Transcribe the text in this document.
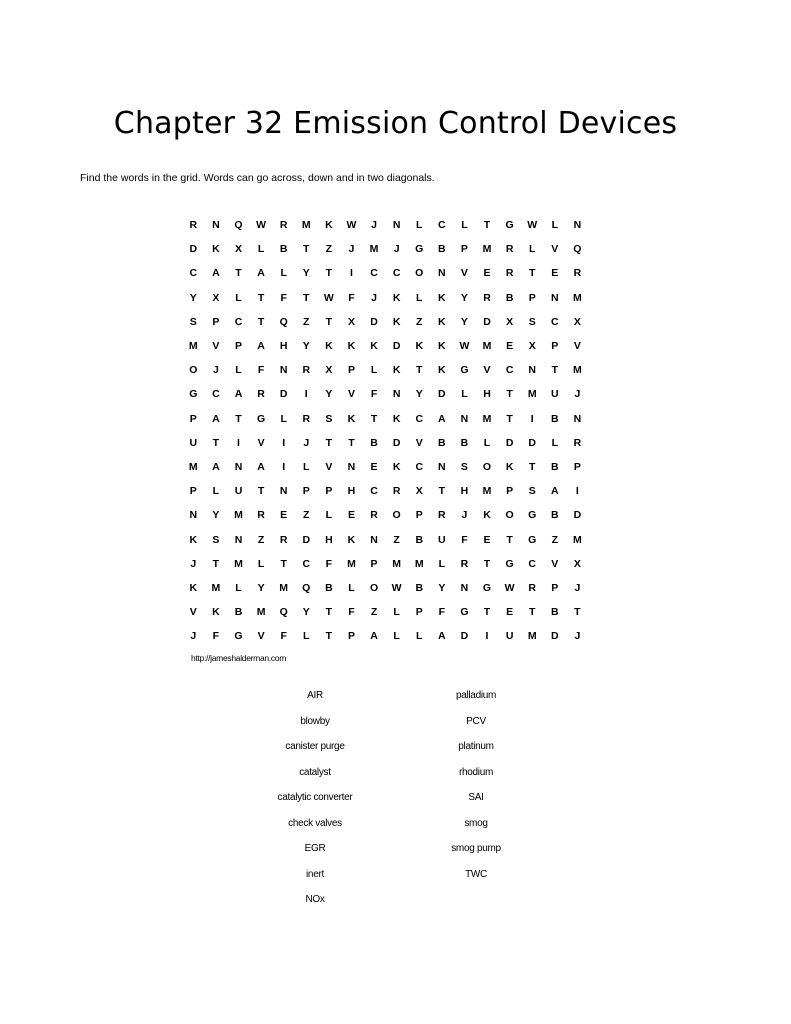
Chapter 32 Emission Control Devices

Find the words in the grid. Words can go across, down and in two diagonals.

R	N	Q	W	R	M	K	W	J	N	L	C	L	T	G	W	L	N
D	K	X	L	B	T	Z	J	M	J	G	B	P	M	R	L	V	Q
C	A	T	A	L	Y	T	I	C	C	O	N	V	E	R	T	E	R
Y	X	L	T	F	T	W	F	J	K	L	K	Y	R	B	P	N	M
S	P	C	T	Q	Z	T	X	D	K	Z	K	Y	D	X	S	C	X
M	V	P	A	H	Y	K	K	K	D	K	K	W	M	E	X	P	V
O	J	L	F	N	R	X	P	L	K	T	K	G	V	C	N	T	M
G	C	A	R	D	I	Y	V	F	N	Y	D	L	H	T	M	U	J
P	A	T	G	L	R	S	K	T	K	C	A	N	M	T	I	B	N
U	T	I	V	I	J	T	T	B	D	V	B	B	L	D	D	L	R
M	A	N	A	I	L	V	N	E	K	C	N	S	O	K	T	B	P
P	L	U	T	N	P	P	H	C	R	X	T	H	M	P	S	A	I
N	Y	M	R	E	Z	L	E	R	O	P	R	J	K	O	G	B	D
K	S	N	Z	R	D	H	K	N	Z	B	U	F	E	T	G	Z	M
J	T	M	L	T	C	F	M	P	M	M	L	R	T	G	C	V	X
K	M	L	Y	M	Q	B	L	O	W	B	Y	N	G	W	R	P	J
V	K	B	M	Q	Y	T	F	Z	L	P	F	G	T	E	T	B	T
J	F	G	V	F	L	T	P	A	L	L	A	D	I	U	M	D	J
http://jameshalderman.com
AIR
blowby
canister purge
catalyst
catalytic converter
check valves
EGR
inert
NOx
palladium
PCV
platinum
rhodium
SAI
smog
smog pump
TWC
